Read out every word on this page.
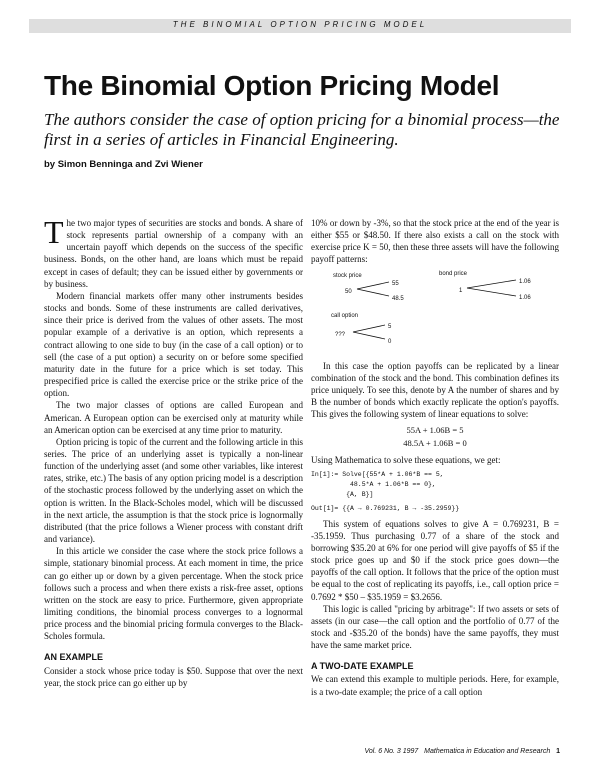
THE BINOMIAL OPTION PRICING MODEL
The Binomial Option Pricing Model
The authors consider the case of option pricing for a binomial process—the first in a series of articles in Financial Engineering.
by Simon Benninga and Zvi Wiener

The two major types of securities are stocks and bonds. A share of stock represents partial ownership of a company with an uncertain payoff which depends on the success of the specific business. Bonds, on the other hand, are loans which must be repaid except in cases of default; they can be issued either by governments or by business.

Modern financial markets offer many other instruments besides stocks and bonds. Some of these instruments are called derivatives, since their price is derived from the values of other assets. The most popular example of a derivative is an option, which represents a contract allowing to one side to buy (in the case of a call option) or to sell (the case of a put option) a security on or before some specified maturity date in the future for a price which is set today. This prespecified price is called the exercise price or the strike price of the option.

The two major classes of options are called European and American. A European option can be exercised only at maturity while an American option can be exercised at any time prior to maturity.

Option pricing is topic of the current and the following article in this series. The price of an underlying asset is typically a non-linear function of the underlying asset (and some other variables, like interest rates, strike, etc.) The basis of any option pricing model is a description of the stochastic process followed by the underlying asset on which the option is written. In the Black-Scholes model, which will be discussed in the next article, the assumption is that the stock price is lognormally distributed (that the price follows a Wiener process with constant drift and variance).

In this article we consider the case where the stock price follows a simple, stationary binomial process. At each moment in time, the price can go either up or down by a given percentage. When the stock price follows such a process and when there exists a risk-free asset, options written on the stock are easy to price. Furthermore, given appropriate limiting conditions, the binomial process converges to a lognormal price process and the binomial pricing formula converges to the Black-Scholes formula.

AN EXAMPLE

Consider a stock whose price today is $50. Suppose that over the next year, the stock price can go either up by

10% or down by -3%, so that the stock price at the end of the year is either $55 or $48.50. If there also exists a call on the stock with exercise price K = 50, then these three assets will have the following payoff patterns:

stock price
50
55
48.5
bond price
1
1.06
1.06
call option
???
5
0

In this case the option payoffs can be replicated by a linear combination of the stock and the bond. This combination defines its price uniquely. To see this, denote by A the number of shares and by B the number of bonds which exactly replicate the option's payoffs. This gives the following system of linear equations to solve:

55A + 1.06B = 5
48.5A + 1.06B = 0

Using Mathematica to solve these equations, we get:

In[1]:= Solve[{55*A + 1.06*B == 5,
48.5*A + 1.06*B == 0},
{A, B}]
Out[1]= {{A → 0.769231, B → -35.2959}}

This system of equations solves to give A = 0.769231, B = -35.1959. Thus purchasing 0.77 of a share of the stock and borrowing $35.20 at 6% for one period will give payoffs of $5 if the stock price goes up and $0 if the stock price goes down—the payoffs of the call option. It follows that the price of the option must be equal to the cost of replicating its payoffs, i.e., call option price = 0.7692 * $50 – $35.1959 = $3.2656.

This logic is called "pricing by arbitrage": If two assets or sets of assets (in our case—the call option and the portfolio of 0.77 of the stock and -$35.20 of the bonds) have the same payoffs, they must have the same market price.

A TWO-DATE EXAMPLE

We can extend this example to multiple periods. Here, for example, is a two-date example; the price of a call option

Vol. 6 No. 3 1997 Mathematica in Education and Research 1
